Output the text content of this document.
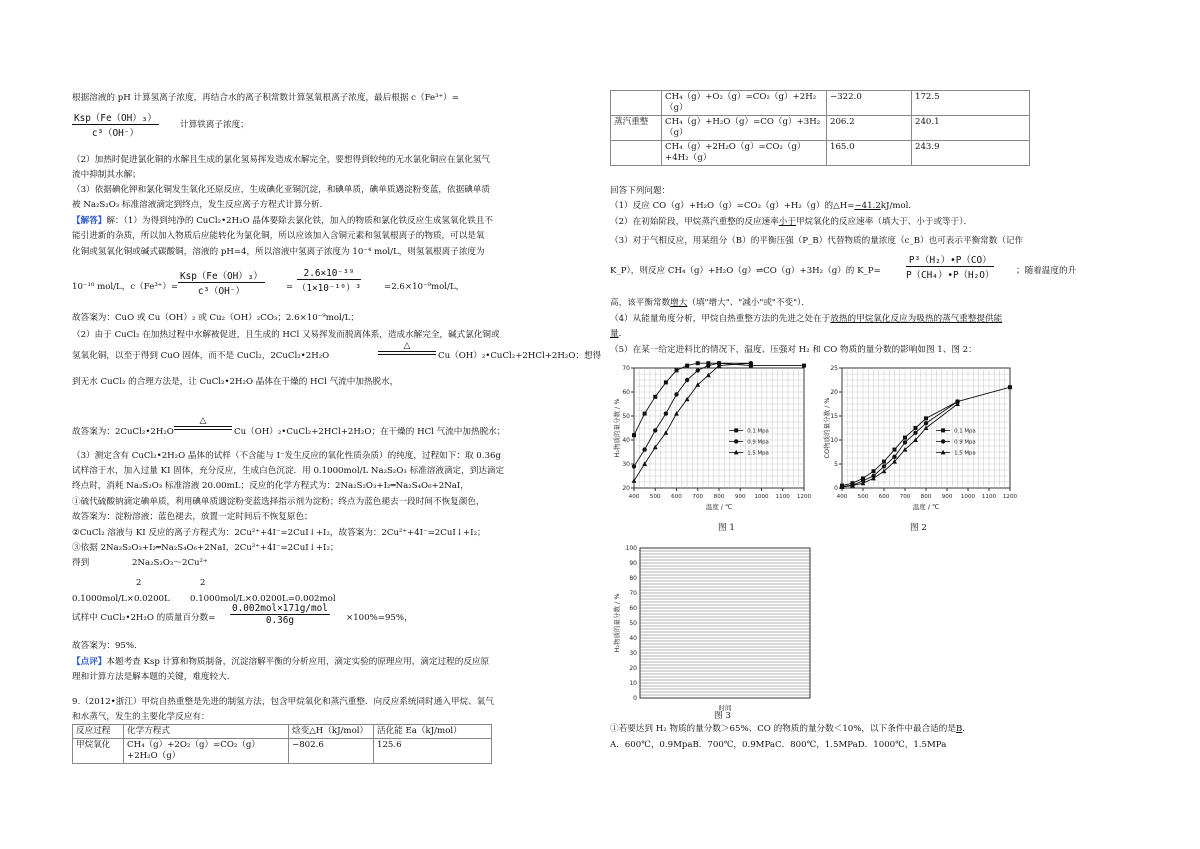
根据溶液的 pH 计算氢离子浓度，再结合水的离子积常数计算氢氧根离子浓度，最后根据 c（Fe³⁺）=
Ksp（Fe（OH）₃）
c³（OH⁻）
计算铁离子浓度；
（2）加热时促进氯化铜的水解且生成的氯化氢易挥发造成水解完全，要想得到较纯的无水氯化铜应在氯化氢气
流中抑制其水解；
（3）依据碘化钾和氯化铜发生氧化还原反应，生成碘化亚铜沉淀，和碘单质，碘单质遇淀粉变蓝，依据碘单质
被 Na₂S₂O₃ 标准溶液滴定到终点，发生反应离子方程式计算分析．
【解答】解：（1）为得到纯净的 CuCl₂•2H₂O 晶体要除去氯化铁，加入的物质和氯化铁反应生成氢氧化铁且不
能引进新的杂质，所以加入物质后应能转化为氯化铜，所以应该加入含铜元素和氢氧根离子的物质，可以是氧
化铜或氢氧化铜或碱式碳酸铜，溶液的 pH=4，所以溶液中氢离子浓度为 10⁻⁴ mol/L，则氢氧根离子浓度为
10⁻¹⁰ mol/L，c（Fe³⁺）=
Ksp（Fe（OH）₃）
c³（OH⁻）	= $\frac{\text{2.6×10⁻³⁹}}{\text{（1×10⁻¹⁰）³}}$	=2.6×10⁻⁹mol/L，
故答案为：CuO 或 Cu（OH）₂ 或 Cu₂（OH）₂CO₃；2.6×10⁻⁹mol/L；
（2）由于 CuCl₂ 在加热过程中水解被促进，且生成的 HCl 又易挥发而脱离体系，造成水解完全，碱式氯化铜或
氢氧化铜，以至于得到 CuO 固体，而不是 CuCl₂，2CuCl₂•2H₂O
△
Cu（OH）₂•CuCl₂+2HCl+2H₂O；想得
到无水 CuCl₂ 的合理方法是，让 CuCl₂•2H₂O 晶体在干燥的 HCl 气流中加热脱水，
故答案为：2CuCl₂•2H₂O
△
Cu（OH）₂•CuCl₂+2HCl+2H₂O；在干燥的 HCl 气流中加热脱水；
（3）测定含有 CuCl₂•2H₂O 晶体的试样（不含能与 I⁻发生反应的氧化性质杂质）的纯度，过程如下：取 0.36g
试样溶于水，加入过量 KI 固体，充分反应，生成白色沉淀．用 0.1000mol/L Na₂S₂O₃ 标准溶液滴定，到达滴定
终点时，消耗 Na₂S₂O₃ 标准溶液 20.00mL；反应的化学方程式为：2Na₂S₂O₃+I₂═Na₂S₄O₆+2NaI，
①硫代硫酸钠滴定碘单质，利用碘单质遇淀粉变蓝选择指示剂为淀粉；终点为蓝色褪去一段时间不恢复颜色，
故答案为：淀粉溶液；蓝色褪去，放置一定时间后不恢复原色；
②CuCl₂ 溶液与 KI 反应的离子方程式为：2Cu²⁺+4I⁻=2CuI↓+I₂，故答案为：2Cu²⁺+4I⁻=2CuI↓+I₂；
③依据 2Na₂S₂O₃+I₂═Na₂S₄O₆+2NaI，2Cu²⁺+4I⁻=2CuI↓+I₂；
得到	2Na₂S₂O₃～2Cu²⁺
2	2
0.1000mol/L×0.0200L 0.1000mol/L×0.0200L=0.002mol
试样中 CuCl₂•2H₂O 的质量百分数=
0.002mol×171g/mol
0.36g	×100%=95%，
故答案为：95%．
【点评】本题考查 Ksp 计算和物质制备，沉淀溶解平衡的分析应用，滴定实验的原理应用，滴定过程的反应原
理和计算方法是解本题的关键，难度较大．
9.（2012•浙江）甲烷自热重整是先进的制氢方法，包含甲烷氧化和蒸汽重整．向反应系统同时通入甲烷、氧气
和水蒸气，发生的主要化学反应有：
反应过程	化学方程式	焓变△H（kJ/mol）	活化能 Ea（kJ/mol）
甲烷氧化	CH₄（g）+2O₂（g）=CO₂（g）+2H₂O（g）	−802.6	125.6
	CH₄（g）+O₂（g）=CO₂（g）+2H₂（g）	−322.0	172.5
蒸汽重整	CH₄（g）+H₂O（g）=CO（g）+3H₂（g）	206.2	240.1
	CH₄（g）+2H₂O（g）=CO₂（g）+4H₂（g）	165.0	243.9
回答下列问题：
（1）反应 CO（g）+H₂O（g）=CO₂（g）+H₂（g）的△H=−41.2kJ/mol．
（2）在初始阶段，甲烷蒸汽重整的反应速率小于甲烷氧化的反应速率（填大于、小于或等于）．
（3）对于气相反应，用某组分（B）的平衡压强（P_B）代替物质的量浓度（c_B）也可表示平衡常数（记作
K_P），则反应 CH₄（g）+H₂O（g）⇌CO（g）+3H₂（g）的 K_P=	$\frac{\text{P³（H₂）•P（CO）}}{\text{P（CH₄）•P（H₂O）}}$	；随着温度的升
高，该平衡常数增大（填"增大"、"减小"或"不变"）．
（4）从能量角度分析，甲烷自热重整方法的先进之处在于放热的甲烷氧化反应为吸热的蒸气重整提供能
量．
（5）在某一给定进料比的情况下，温度、压强对 H₂ 和 CO 物质的量分数的影响如图 1、图 2：
400 500 600 700 800 900 1000 1100 1200
20
30
40
50
60
70
温度 / ℃
H₂物质的量分数 / %	0.1 Mpa
0.9 Mpa
1.5 Mpa
图 1
400 500 600 700 800 900 1000 1100 1200
0
5
10
15
20
25
温度 / ℃
CO物质的量分数 / %	0.1 Mpa
0.9 Mpa
1.5 Mpa
图 2
0
10
20
30
40
50
60
70
80
90
100
时间
H₂物质的量分数 / %
图 3
①若要达到 H₂ 物质的量分数＞65%、CO 的物质的量分数＜10%，以下条件中最合适的是B．
A．600℃，0.9MpaB．700℃，0.9MPaC．800℃，1.5MPaD．1000℃，1.5MPa
